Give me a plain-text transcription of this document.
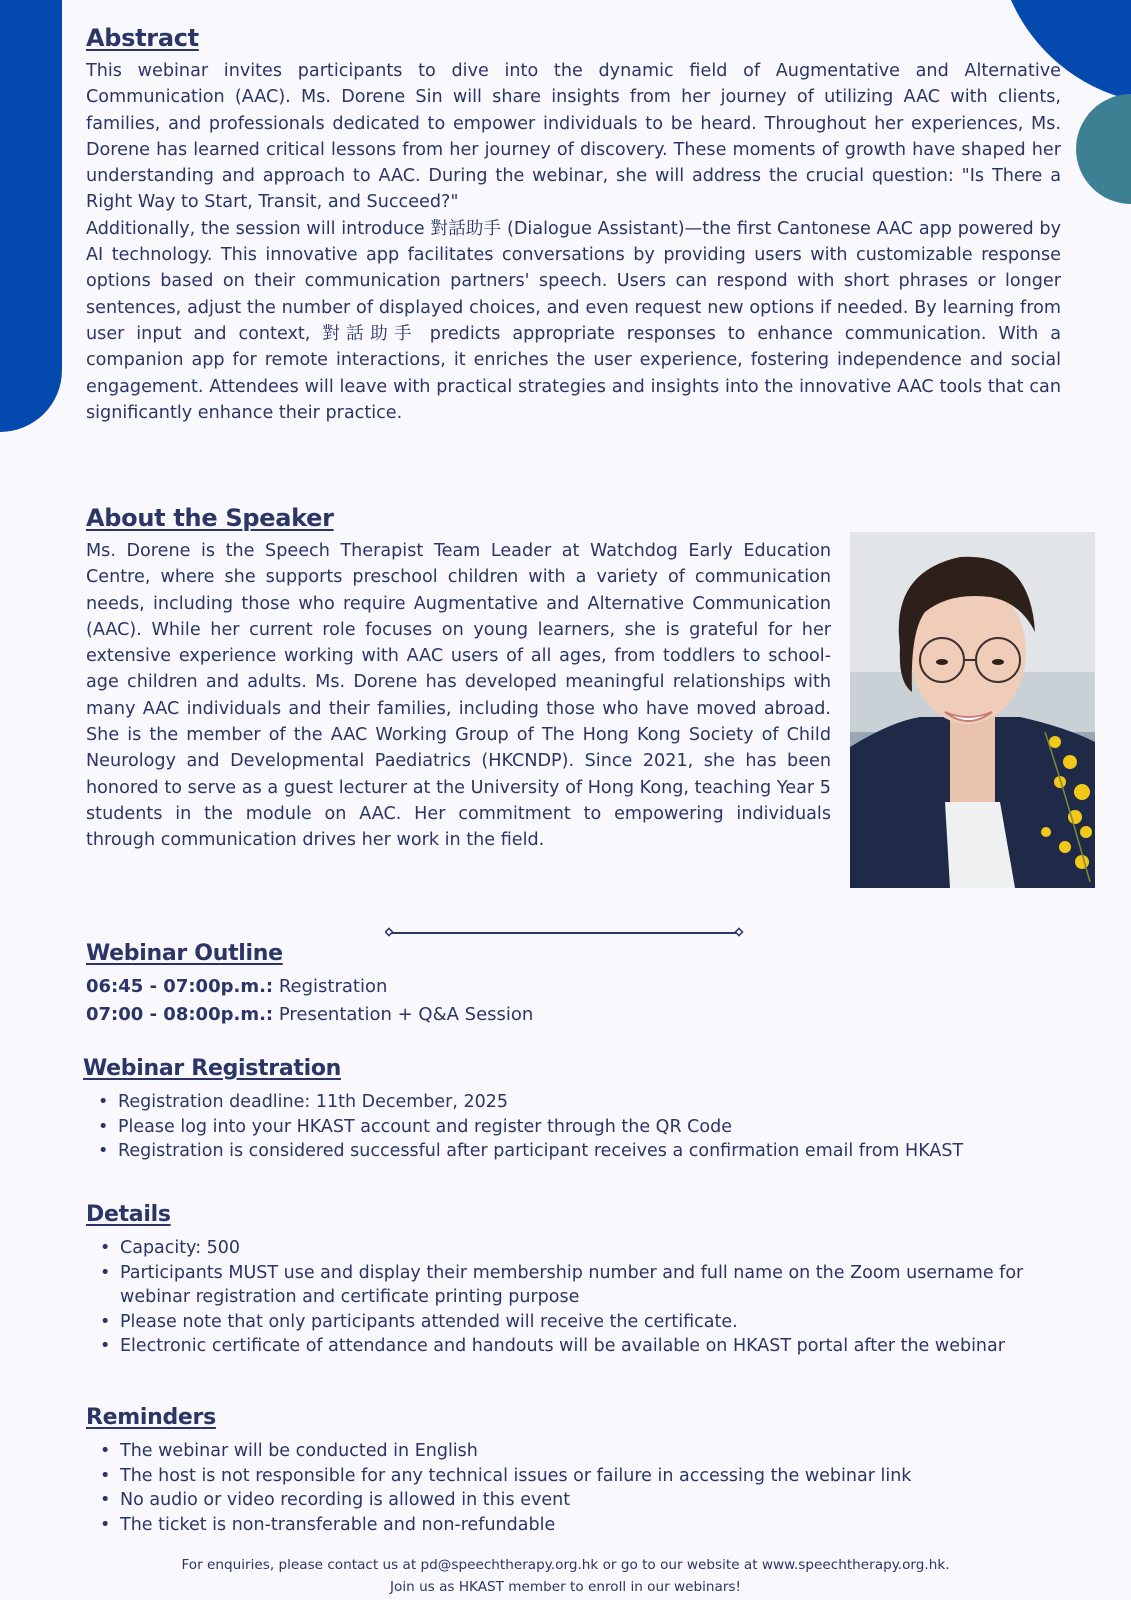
Abstract

This webinar invites participants to dive into the dynamic field of Augmentative and Alternative Communication (AAC). Ms. Dorene Sin will share insights from her journey of utilizing AAC with clients, families, and professionals dedicated to empower individuals to be heard. Throughout her experiences, Ms. Dorene has learned critical lessons from her journey of discovery. These moments of growth have shaped her understanding and approach to AAC. During the webinar, she will address the crucial question: "Is There a Right Way to Start, Transit, and Succeed?"

Additionally, the session will introduce 對話助手 (Dialogue Assistant)—the first Cantonese AAC app powered by AI technology. This innovative app facilitates conversations by providing users with customizable response options based on their communication partners' speech. Users can respond with short phrases or longer sentences, adjust the number of displayed choices, and even request new options if needed. By learning from user input and context, 對話助手 predicts appropriate responses to enhance communication. With a companion app for remote interactions, it enriches the user experience, fostering independence and social engagement. Attendees will leave with practical strategies and insights into the innovative AAC tools that can significantly enhance their practice.

About the Speaker

Ms. Dorene is the Speech Therapist Team Leader at Watchdog Early Education Centre, where she supports preschool children with a variety of communication needs, including those who require Augmentative and Alternative Communication (AAC). While her current role focuses on young learners, she is grateful for her extensive experience working with AAC users of all ages, from toddlers to school-age children and adults. Ms. Dorene has developed meaningful relationships with many AAC individuals and their families, including those who have moved abroad. She is the member of the AAC Working Group of The Hong Kong Society of Child Neurology and Developmental Paediatrics (HKCNDP). Since 2021, she has been honored to serve as a guest lecturer at the University of Hong Kong, teaching Year 5 students in the module on AAC. Her commitment to empowering individuals through communication drives her work in the field.

Webinar Outline
06:45 - 07:00p.m.: Registration
07:00 - 08:00p.m.: Presentation + Q&A Session
Webinar Registration
• Registration deadline: 11th December, 2025
• Please log into your HKAST account and register through the QR Code
• Registration is considered successful after participant receives a confirmation email from HKAST
Details
• Capacity: 500
• Participants MUST use and display their membership number and full name on the Zoom username for webinar registration and certificate printing purpose
• Please note that only participants attended will receive the certificate.
• Electronic certificate of attendance and handouts will be available on HKAST portal after the webinar
Reminders
• The webinar will be conducted in English
• The host is not responsible for any technical issues or failure in accessing the webinar link
• No audio or video recording is allowed in this event
• The ticket is non-transferable and non-refundable
For enquiries, please contact us at pd@speechtherapy.org.hk or go to our website at www.speechtherapy.org.hk.
Join us as HKAST member to enroll in our webinars!
